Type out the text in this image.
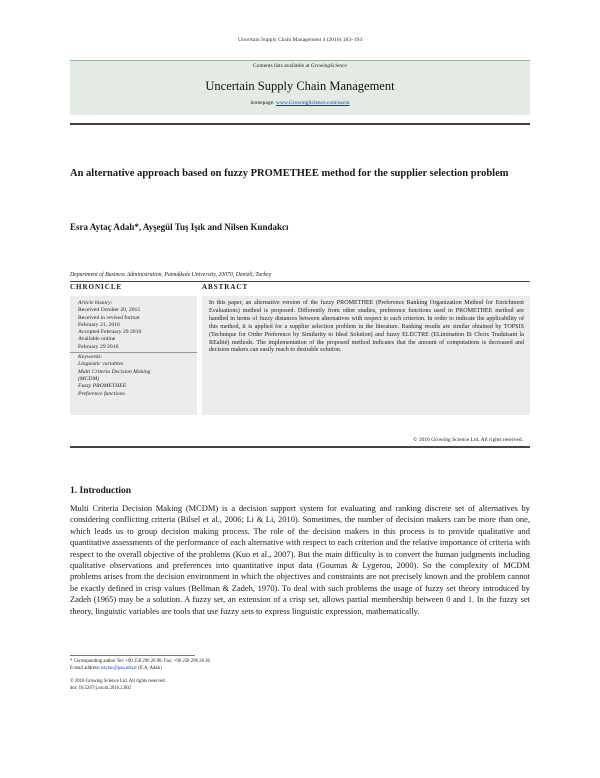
Uncertain Supply Chain Management 4 (2016) 183–194
Contents lists available at GrowingScience
Uncertain Supply Chain Management
homepage: www.GrowingScience.com/uscm
An alternative approach based on fuzzy PROMETHEE method for the supplier selection problem
Esra Aytaç Adalı*, Ayşegül Tuş Işık and Nilsen Kundakcı
Department of Business Administration, Pamukkale University, 20070, Denizli, Turkey
CHRONICLE	ABSTRACT
Article history:
Received October 20, 2015
Received in revised format
February 21, 2016
Accepted February 29 2016
Available online
February 29 2016
Keywords:
Linguistic variables
Multi Criteria Decision Making
(MCDM)
Fuzzy PROMETHEE
Preference functions
In this paper, an alternative version of the fuzzy PROMETHEE (Preference Ranking Organization Method for Enrichment Evaluations) method is proposed. Differently from other studies, preference functions used in PROMETHEE method are handled in terms of fuzzy distances between alternatives with respect to each criterion. In order to indicate the applicability of this method, it is applied for a supplier selection problem in the literature. Ranking results are similar obtained by TOPSIS (Technique for Order Preference by Similarity to Ideal Solution) and fuzzy ELECTRE (ELimination Et Choix Traduisant la REalité) methods. The implementation of the proposed method indicates that the amount of computations is decreased and decision makers can easily reach to desirable solution.
© 2016 Growing Science Ltd. All rights reserved.
1. Introduction
Multi Criteria Decision Making (MCDM) is a decision support system for evaluating and ranking discrete set of alternatives by considering conflicting criteria (Bilsel et al., 2006; Li & Li, 2010). Sometimes, the number of decision makers can be more than one, which leads us to group decision making process. The role of the decision makers in this process is to provide qualitative and quantitative assessments of the performance of each alternative with respect to each criterion and the relative importance of criteria with respect to the overall objective of the problems (Kuo et al., 2007). But the main difficulty is to convert the human judgments including qualitative observations and preferences into quantitative input data (Goumas & Lygerou, 2000). So the complexity of MCDM problems arises from the decision environment in which the objectives and constraints are not precisely known and the problem cannot be exactly defined in crisp values (Bellman & Zadeh, 1970). To deal with such problems the usage of fuzzy set theory introduced by Zadeh (1965) may be a solution. A fuzzy set, an extension of a crisp set, allows partial membership between 0 and 1. In the fuzzy set theory, linguistic variables are tools that use fuzzy sets to express linguistic expression, mathematically.
* Corresponding author Tel: +90 258 296 26 98, Fax: +90 258 296 26 26
E-mail address: eaytac@pau.edu.tr (E.A. Adalı)
© 2016 Growing Science Ltd. All rights reserved.
doi: 10.5267/j.uscm.2016.2.002
